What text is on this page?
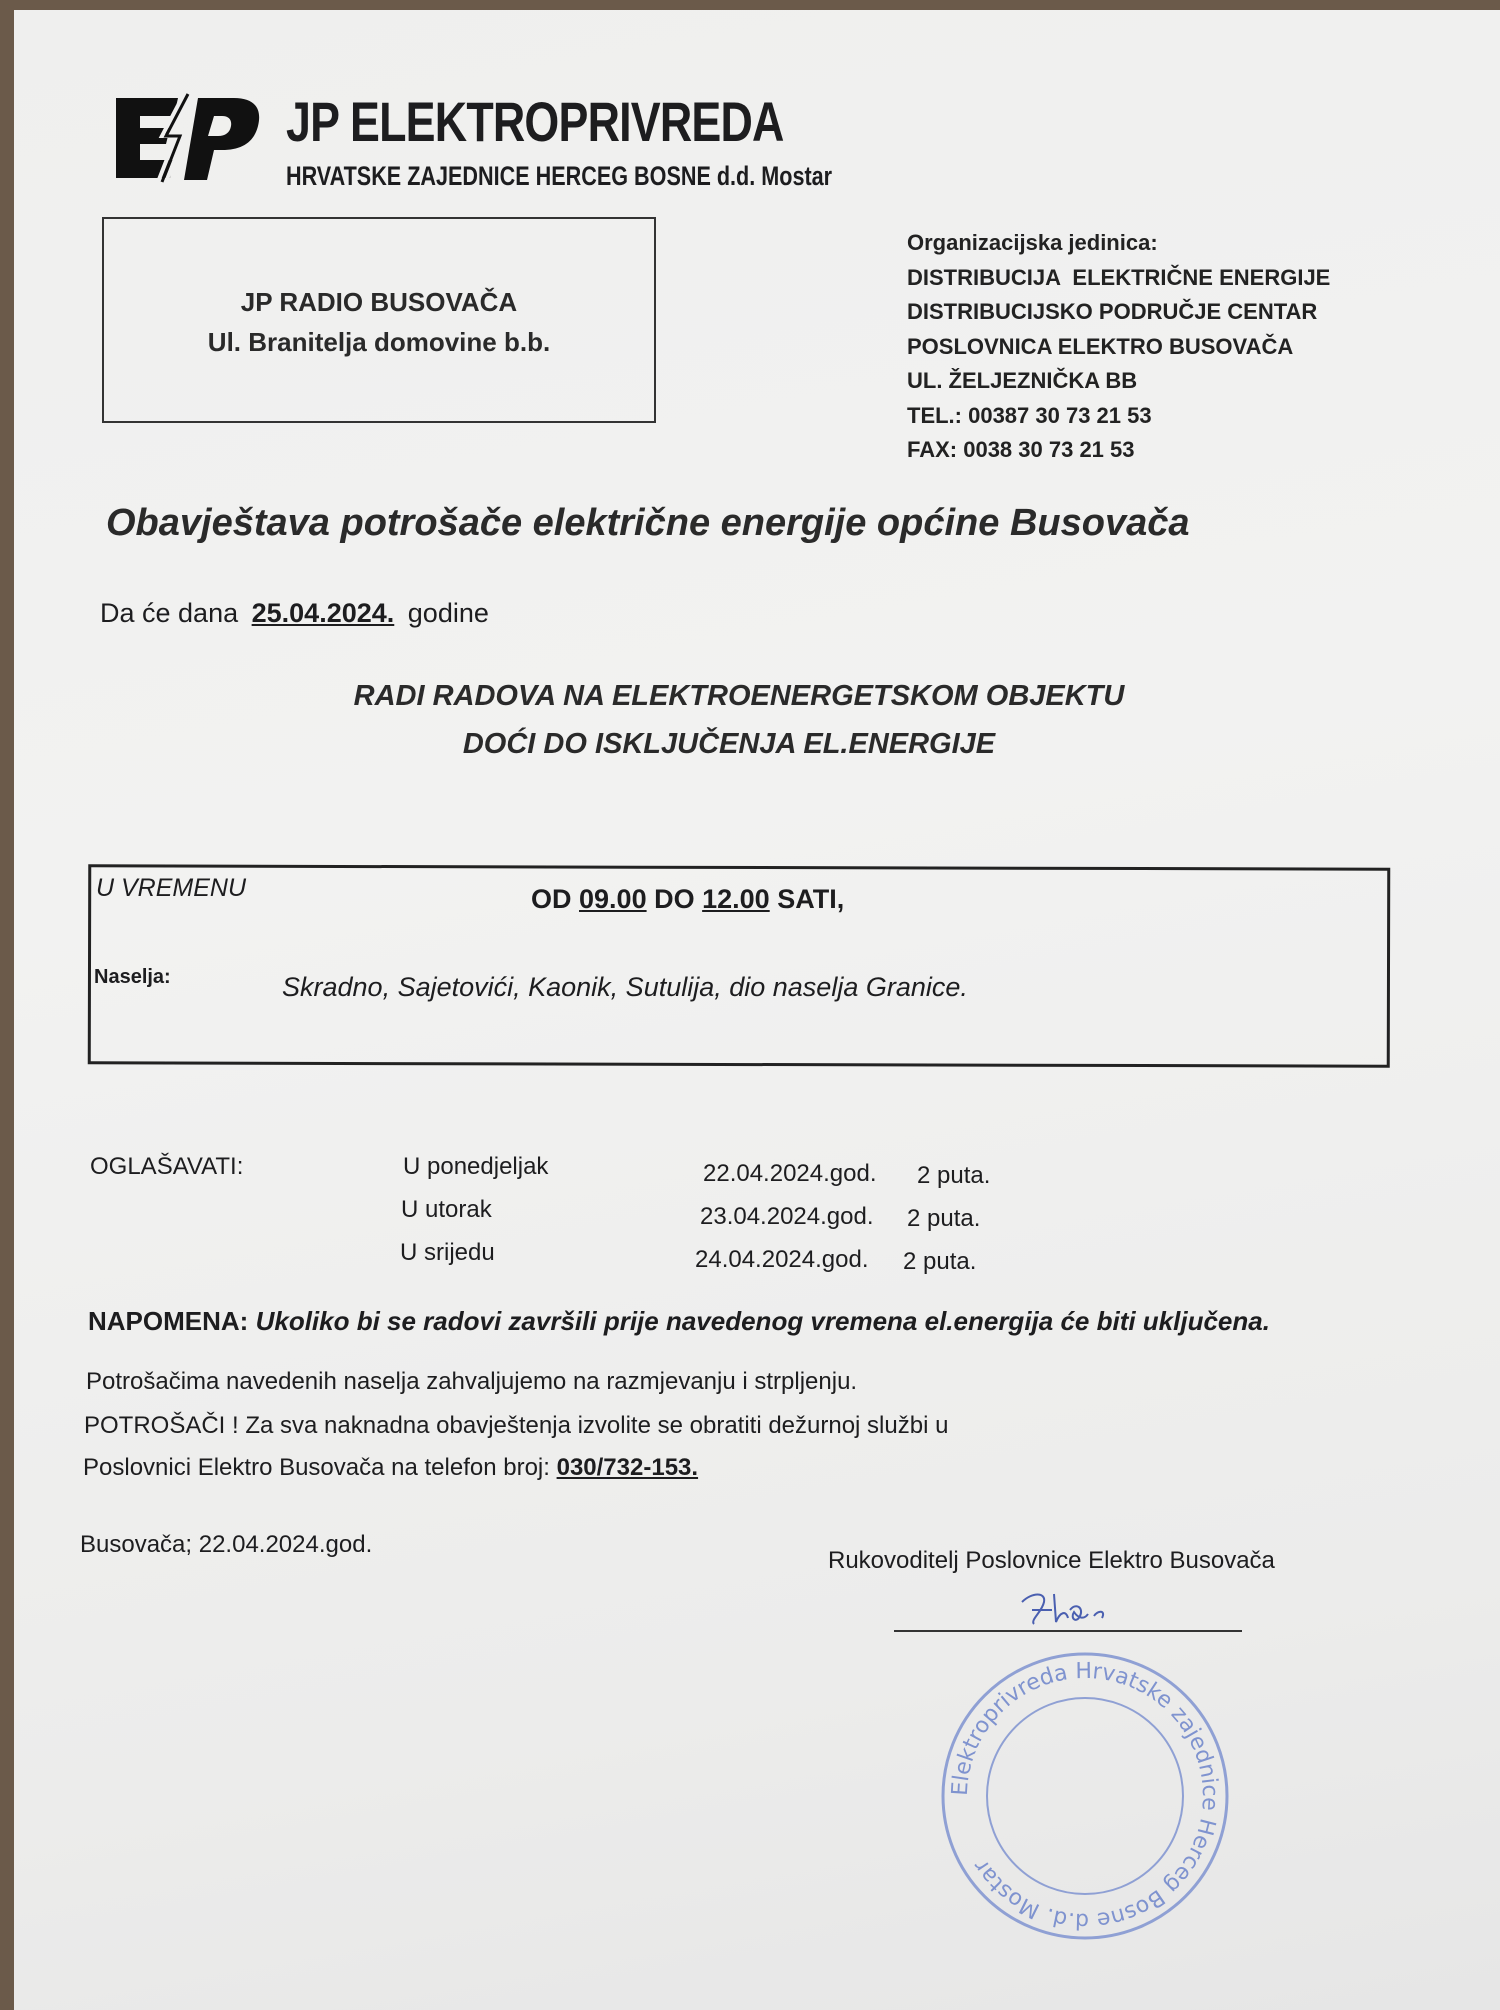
JP ELEKTROPRIVREDA
HRVATSKE ZAJEDNICE HERCEG BOSNE d.d. Mostar
JP RADIO BUSOVAČA
Ul. Branitelja domovine b.b.
Organizacijska jedinica:
DISTRIBUCIJA  ELEKTRIČNE ENERGIJE
DISTRIBUCIJSKO PODRUČJE CENTAR
POSLOVNICA ELEKTRO BUSOVAČA
UL. ŽELJEZNIČKA BB
TEL.: 00387 30 73 21 53
FAX: 0038 30 73 21 53
Obavještava potrošače električne energije općine Busovača
Da će dana 25.04.2024. godine
RADI RADOVA NA ELEKTROENERGETSKOM OBJEKTU
DOĆI DO ISKLJUČENJA EL.ENERGIJE
U VREMENU	OD 09.00 DO 12.00 SATI,
Naselja:	Skradno, Sajetovići, Kaonik, Sutulija, dio naselja Granice.
OGLAŠAVATI:	U ponedjeljak	22.04.2024.god. 2 puta.
U utorak	23.04.2024.god. 2 puta.
U srijedu	24.04.2024.god. 2 puta.
NAPOMENA: Ukoliko bi se radovi završili prije navedenog vremena el.energija će biti uključena.
Potrošačima navedenih naselja zahvaljujemo na razmjevanju i strpljenju.
POTROŠAČI ! Za sva naknadna obavještenja izvolite se obratiti dežurnoj službi u
Poslovnici Elektro Busovača na telefon broj: 030/732-153.
Busovača; 22.04.2024.god.
Rukovoditelj Poslovnice Elektro Busovača
Elektroprivreda Hrvatske zajednice Herceg Bosne d.d. Mostar
